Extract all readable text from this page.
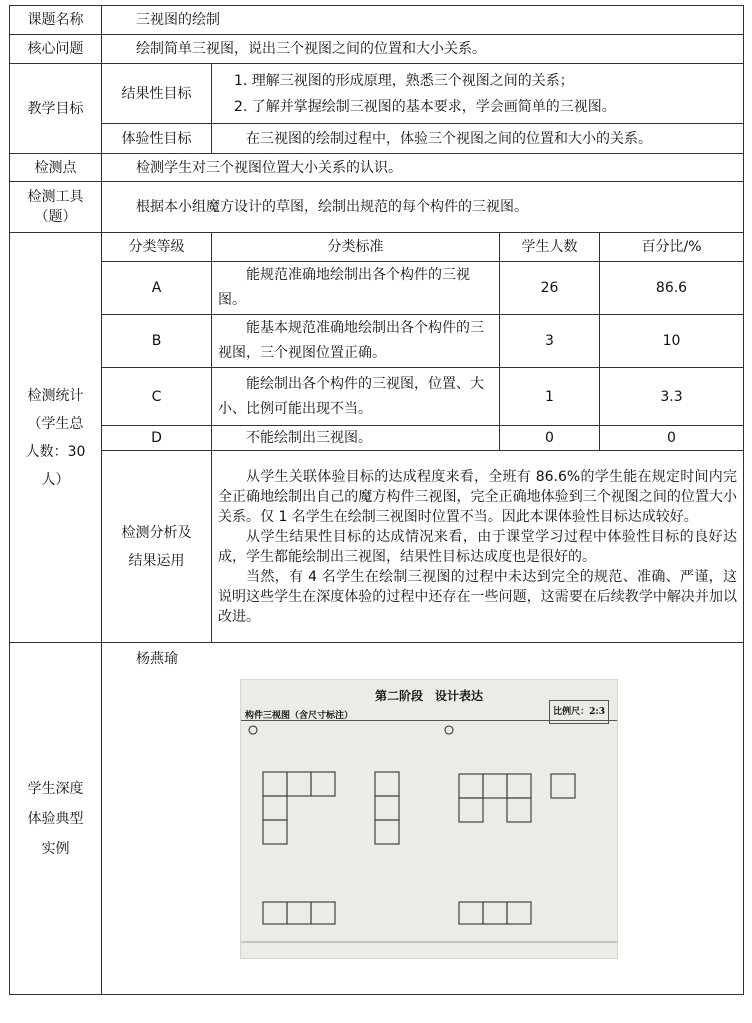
课题名称	三视图的绘制			
核心问题	绘制简单三视图，说出三个视图之间的位置和大小关系。			
教学目标	结果性目标	1. 理解三视图的形成原理，熟悉三个视图之间的关系；
2. 了解并掌握绘制三视图的基本要求，学会画简单的三视图。		

	体验性目标	在三视图的绘制过程中，体验三个视图之间的位置和大小的关系。		
检测点	检测学生对三个视图位置大小关系的认识。			
检测工具（题）	根据本小组魔方设计的草图，绘制出规范的每个构件的三视图。			
检测统计（学生总人数：30人）	分类等级	分类标准	学生人数	百分比/%
	A	能规范准确地绘制出各个构件的三视图。	26	86.6
	B	能基本规范准确地绘制出各个构件的三视图，三个视图位置正确。	3	10
	C	能绘制出各个构件的三视图，位置、大小、比例可能出现不当。	1	3.3
	D	不能绘制出三视图。	0	0
	检测分析及结果运用	从学生关联体验目标的达成程度来看，全班有 86.6%的学生能在规定时间内完全正确地绘制出自己的魔方构件三视图，完全正确地体验到三个视图之间的位置大小关系。仅 1 名学生在绘制三视图时位置不当。因此本课体验性目标达成较好。

从学生结果性目标的达成情况来看，由于课堂学习过程中体验性目标的良好达成，学生都能绘制出三视图，结果性目标达成度也是很好的。

当然，有 4 名学生在绘制三视图的过程中未达到完全的规范、准确、严谨，这说明这些学生在深度体验的过程中还存在一些问题，这需要在后续教学中解决并加以改进。		

学生深度体验典型实例	杨燕瑜
第二阶段　设计表达
构件三视图（含尺寸标注） 比例尺：2:3			
